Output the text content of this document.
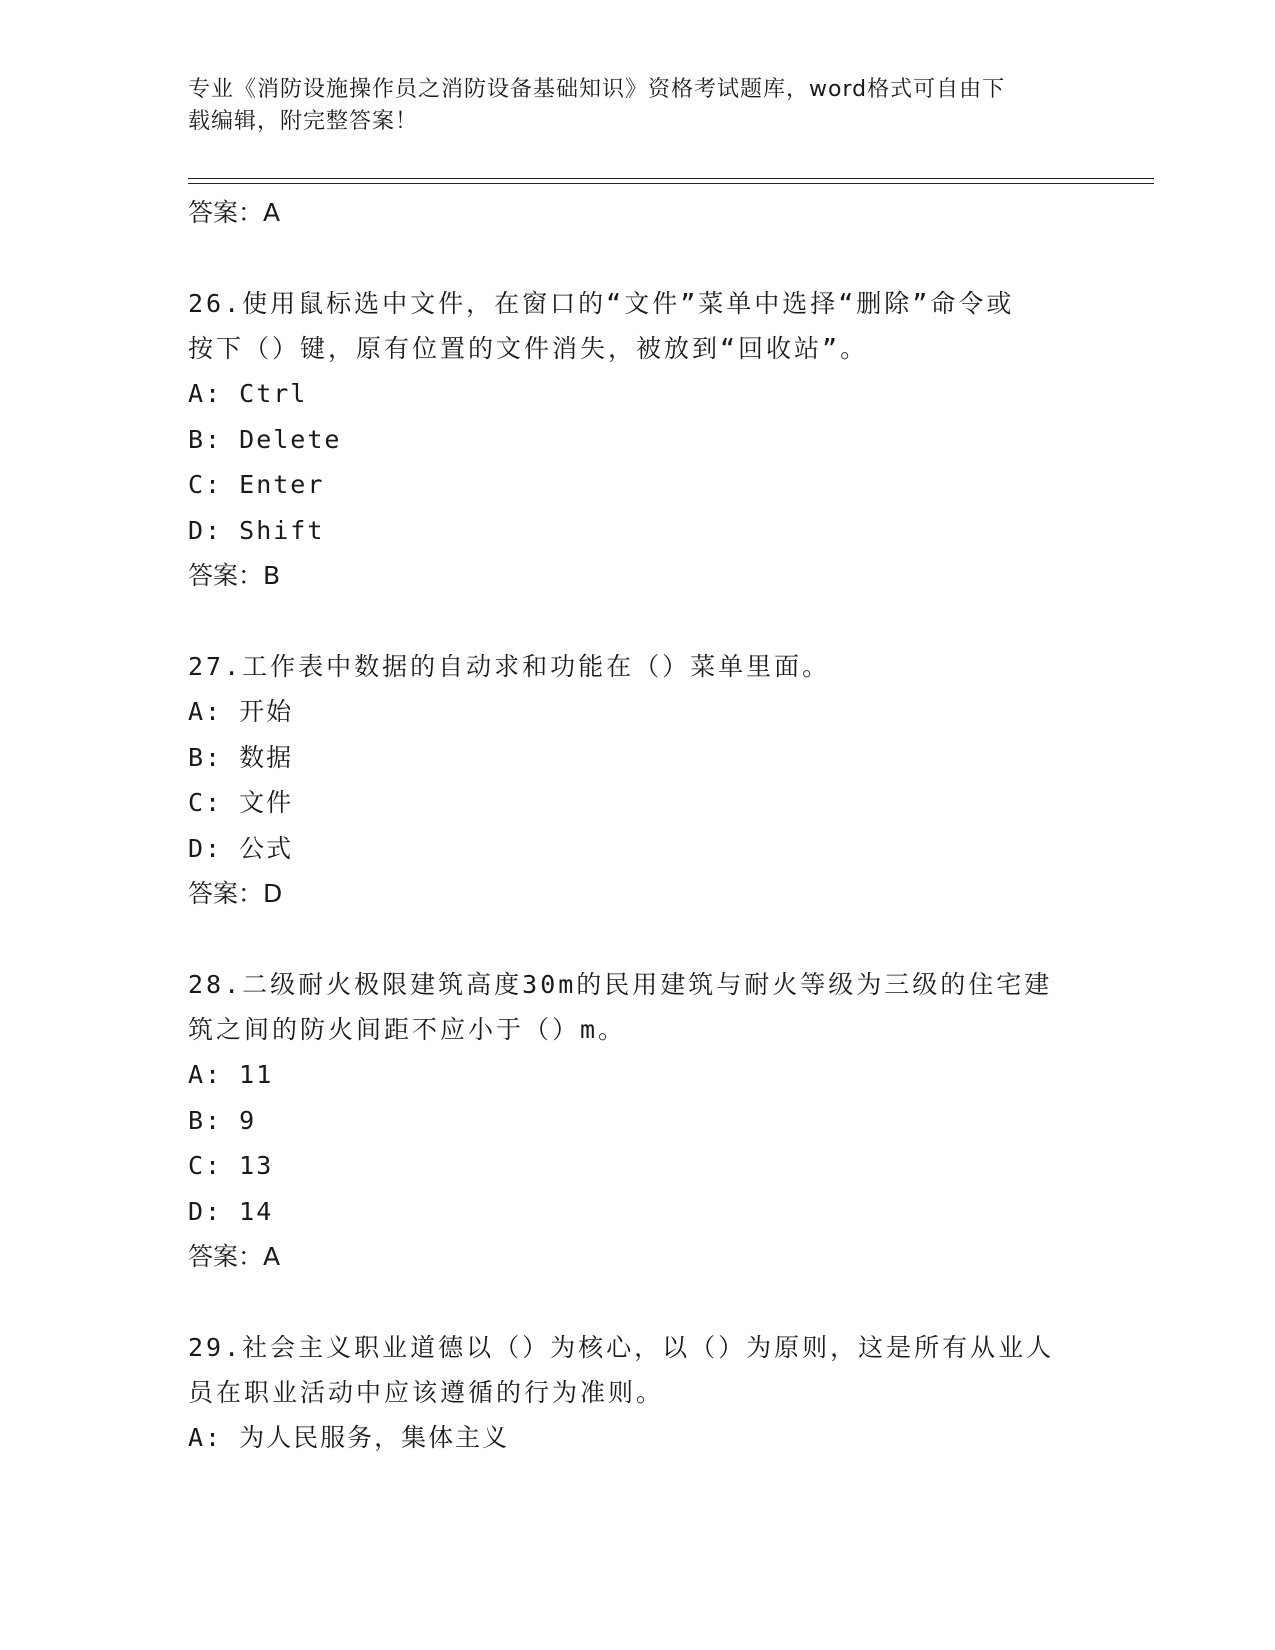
专业《消防设施操作员之消防设备基础知识》资格考试题库，word格式可自由下
载编辑，附完整答案！
答案：A
26.使用鼠标选中文件，在窗口的“文件”菜单中选择“删除”命令或
按下（）键，原有位置的文件消失，被放到“回收站”。
A: Ctrl
B: Delete
C: Enter
D: Shift
答案：B
27.工作表中数据的自动求和功能在（）菜单里面。
A: 开始
B: 数据
C: 文件
D: 公式
答案：D
28.二级耐火极限建筑高度30m的民用建筑与耐火等级为三级的住宅建
筑之间的防火间距不应小于（）m。
A: 11
B: 9
C: 13
D: 14
答案：A
29.社会主义职业道德以（）为核心，以（）为原则，这是所有从业人
员在职业活动中应该遵循的行为准则。
A: 为人民服务，集体主义
